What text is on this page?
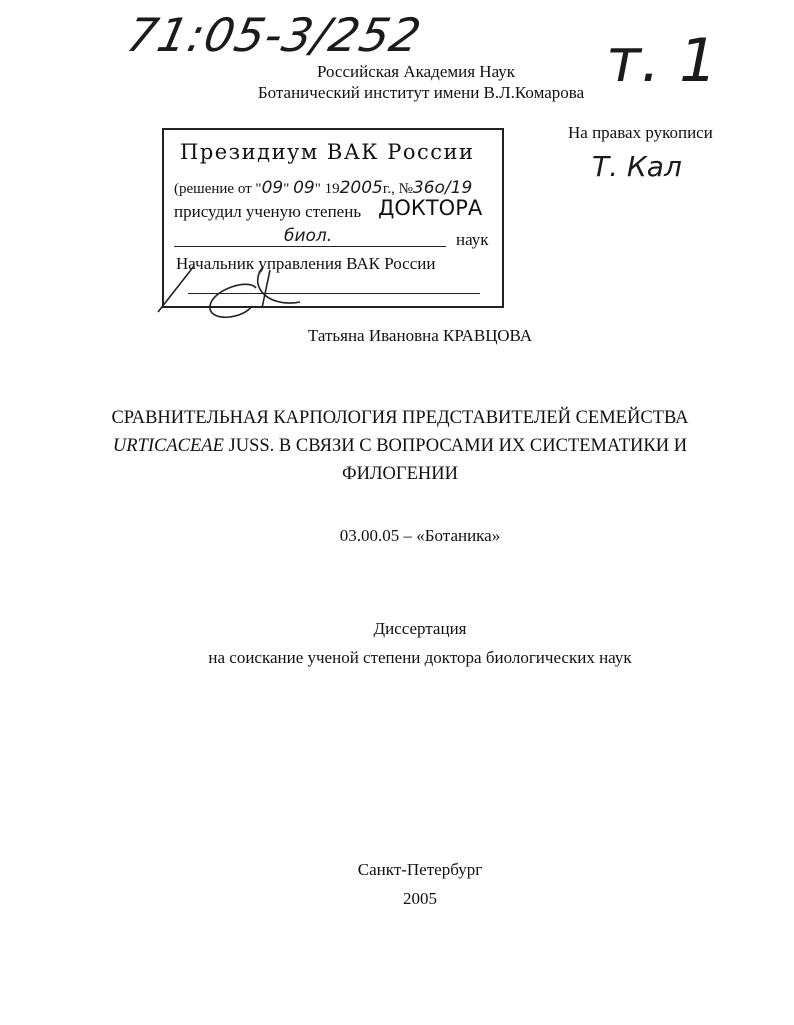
71:05-3/252	т. 1
Т. Кал
Российская Академия Наук
Ботанический институт имени В.Л.Комарова
На правах рукописи
Президиум ВАК России
(решение от "09" 09" 192005г., №36о/19
присудил ученую степень ДОКТОРА
биол.	наук
Начальник управления ВАК России
Татьяна Ивановна КРАВЦОВА
СРАВНИТЕЛЬНАЯ КАРПОЛОГИЯ ПРЕДСТАВИТЕЛЕЙ СЕМЕЙСТВА
URTICACEAE JUSS. В СВЯЗИ С ВОПРОСАМИ ИХ СИСТЕМАТИКИ И
ФИЛОГЕНИИ
03.00.05 – «Ботаника»
Диссертация
на соискание ученой степени доктора биологических наук
Санкт-Петербург
2005
